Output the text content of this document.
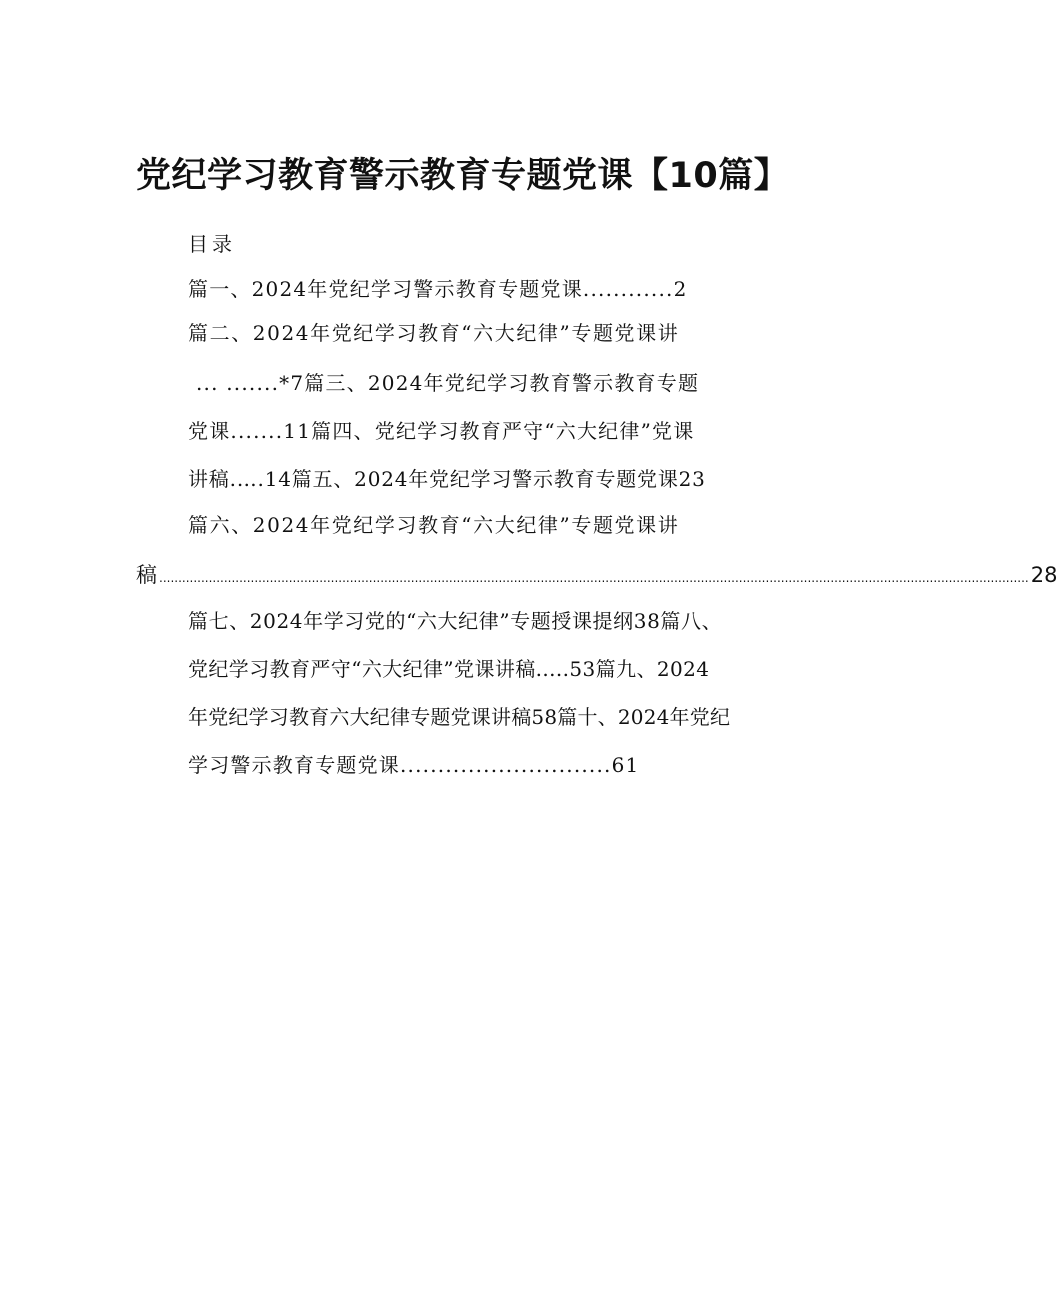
党纪学习教育警示教育专题党课【10篇】
目录
篇一、2024年党纪学习警示教育专题党课............2
篇二、2024年党纪学习教育“六大纪律”专题党课讲
... .......*7篇三、2024年党纪学习教育警示教育专题
党课.......11篇四、党纪学习教育严守“六大纪律”党课
讲稿.….14篇五、2024年党纪学习警示教育专题党课23
篇六、2024年党纪学习教育“六大纪律”专题党课讲
稿 .................................................................................................................................................................................................................................... 28
篇七、2024年学习党的“六大纪律”专题授课提纲38篇八、
党纪学习教育严守“六大纪律”党课讲稿.....53篇九、2024
年党纪学习教育六大纪律专题党课讲稿58篇十、2024年党纪
学习警示教育专题党课............................61
